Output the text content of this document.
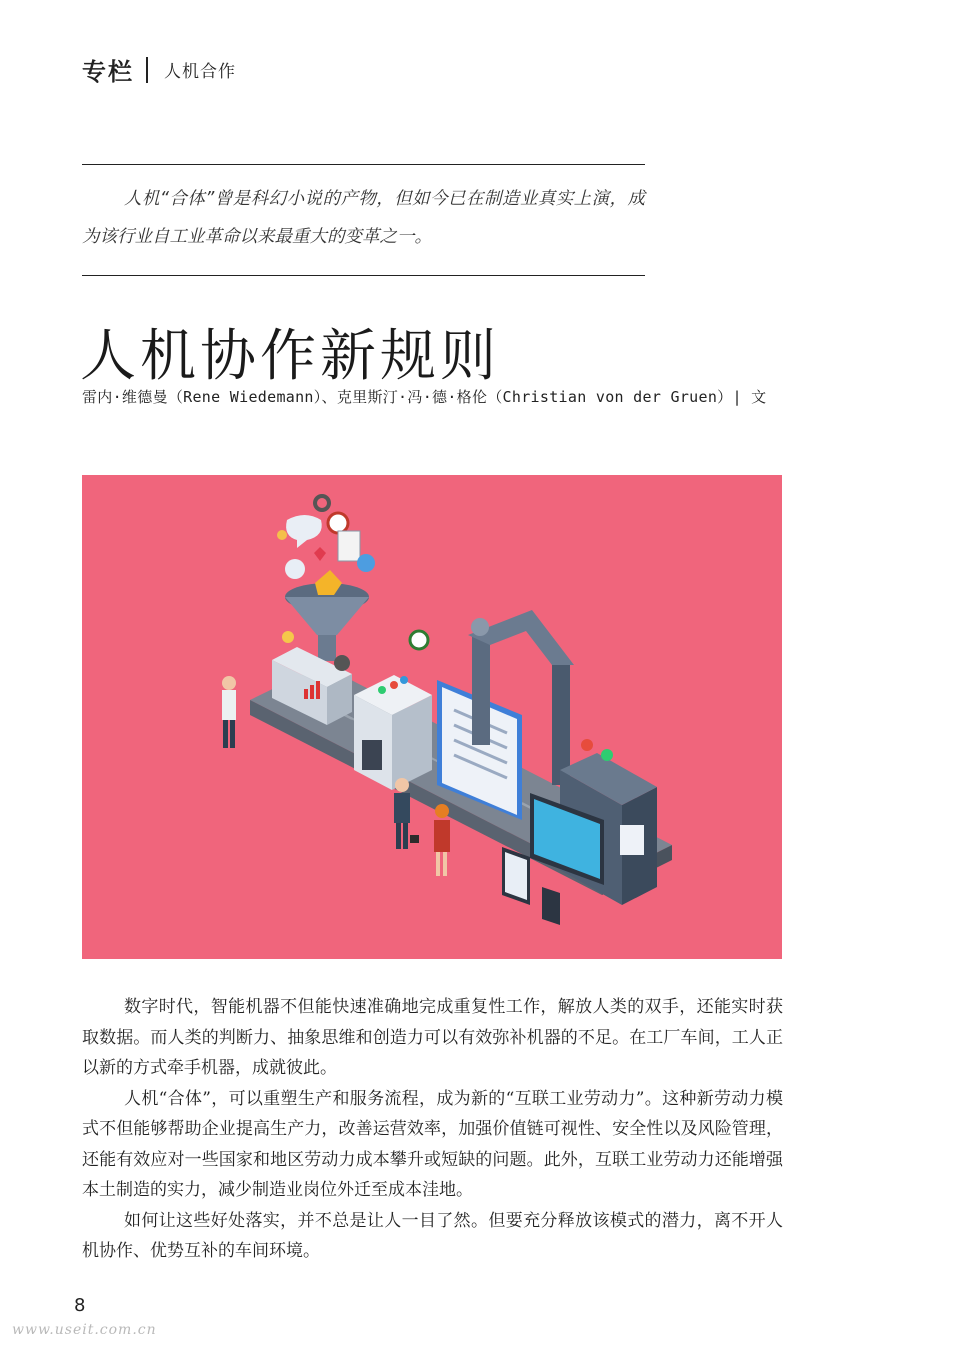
专栏 人机合作
人机“合体”曾是科幻小说的产物，但如今已在制造业真实上演，成为该行业自工业革命以来最重大的变革之一。
人机协作新规则
雷内·维德曼（Rene Wiedemann）、克里斯汀·冯·德·格伦（Christian von der Gruen）| 文

数字时代，智能机器不但能快速准确地完成重复性工作，解放人类的双手，还能实时获取数据。而人类的判断力、抽象思维和创造力可以有效弥补机器的不足。在工厂车间，工人正以新的方式牵手机器，成就彼此。

人机“合体”，可以重塑生产和服务流程，成为新的“互联工业劳动力”。这种新劳动力模式不但能够帮助企业提高生产力，改善运营效率，加强价值链可视性、安全性以及风险管理，还能有效应对一些国家和地区劳动力成本攀升或短缺的问题。此外，互联工业劳动力还能增强本土制造的实力，减少制造业岗位外迁至成本洼地。

如何让这些好处落实，并不总是让人一目了然。但要充分释放该模式的潜力，离不开人机协作、优势互补的车间环境。

8
www.useit.com.cn
